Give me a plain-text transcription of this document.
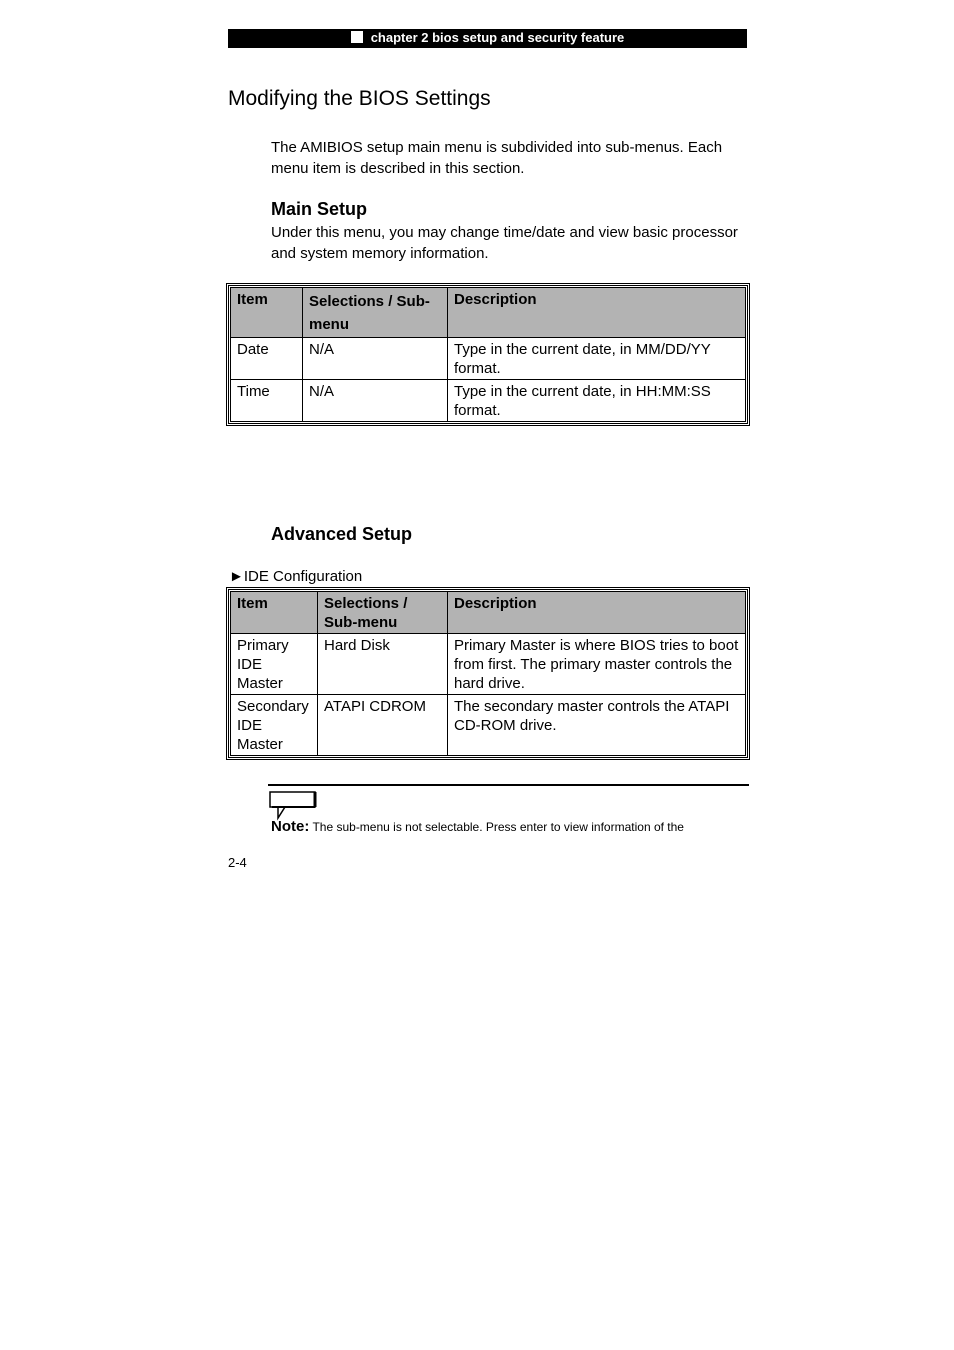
chapter 2 bios setup and security feature
Modifying the BIOS Settings

The AMIBIOS setup main menu is subdivided into sub-menus. Each menu item is described in this section.

Main Setup

Under this menu, you may change time/date and view basic processor and system memory information.

Item	Selections / Sub-menu	Description
Date	N/A	Type in the current date, in MM/DD/YY format.
Time	N/A	Type in the current date, in HH:MM:SS format.
Advanced Setup
►IDE Configuration
Item	Selections / Sub-menu	Description
Primary IDE Master	Hard Disk	Primary Master is where BIOS tries to boot from first. The primary master controls the hard drive.
Secondary IDE Master	ATAPI CDROM	The secondary master controls the ATAPI CD-ROM drive.
Note: The sub-menu is not selectable. Press enter to view information of the
2-4
